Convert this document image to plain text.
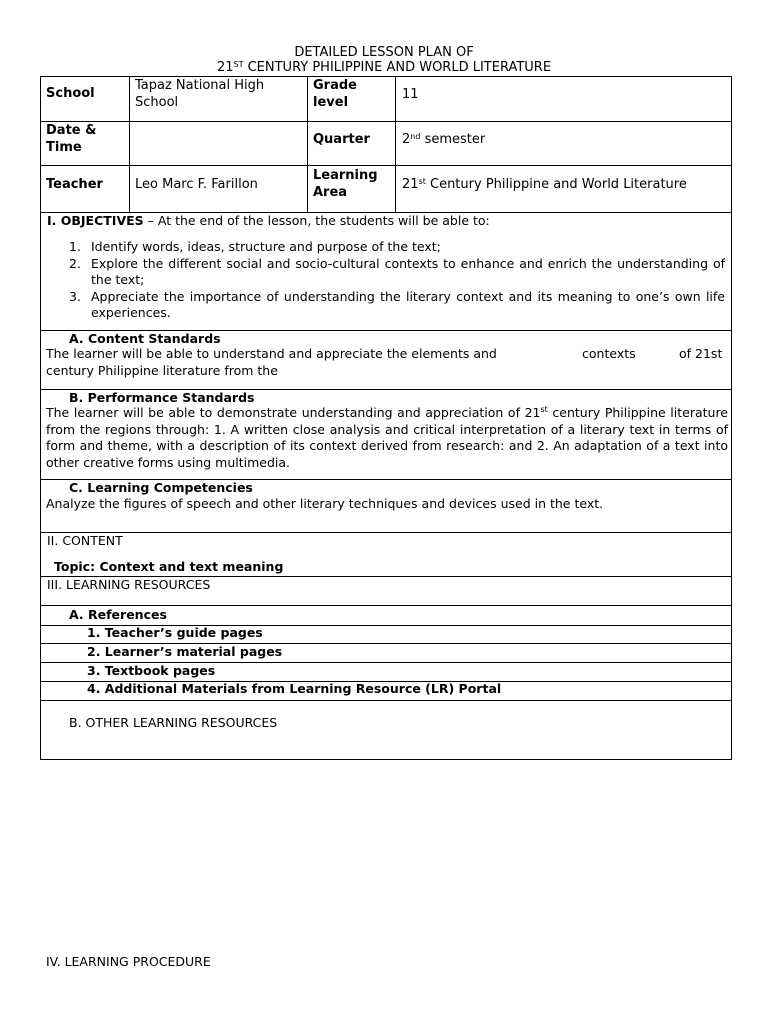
DETAILED LESSON PLAN OF
21ST CENTURY PHILIPPINE AND WORLD LITERATURE
School
Tapaz National High School
Grade level
11
Date & Time
Quarter 2nd semester
Teacher Leo Marc F. Farillon
Learning Area
21st Century Philippine and World Literature
I. OBJECTIVES – At the end of the lesson, the students will be able to:
1. Identify words, ideas, structure and purpose of the text;
2. Explore the different social and socio-cultural contexts to enhance and enrich the understanding of the text;
3. Appreciate the importance of understanding the literary context and its meaning to one’s own life experiences.
A. Content Standards
The learner will be able to understand and appreciate the elements and	contexts	of 21st
century Philippine literature from the
B. Performance Standards
The learner will be able to demonstrate understanding and appreciation of 21st century Philippine literature from the regions through: 1. A written close analysis and critical interpretation of a literary text in terms of form and theme, with a description of its context derived from research: and 2. An adaptation of a text into other creative forms using multimedia.
C. Learning Competencies
Analyze the figures of speech and other literary techniques and devices used in the text.
II. CONTENT
Topic: Context and text meaning
III. LEARNING RESOURCES
A. References
1. Teacher’s guide pages
2. Learner’s material pages
3. Textbook pages
4. Additional Materials from Learning Resource (LR) Portal
B. OTHER LEARNING RESOURCES
IV. LEARNING PROCEDURE
